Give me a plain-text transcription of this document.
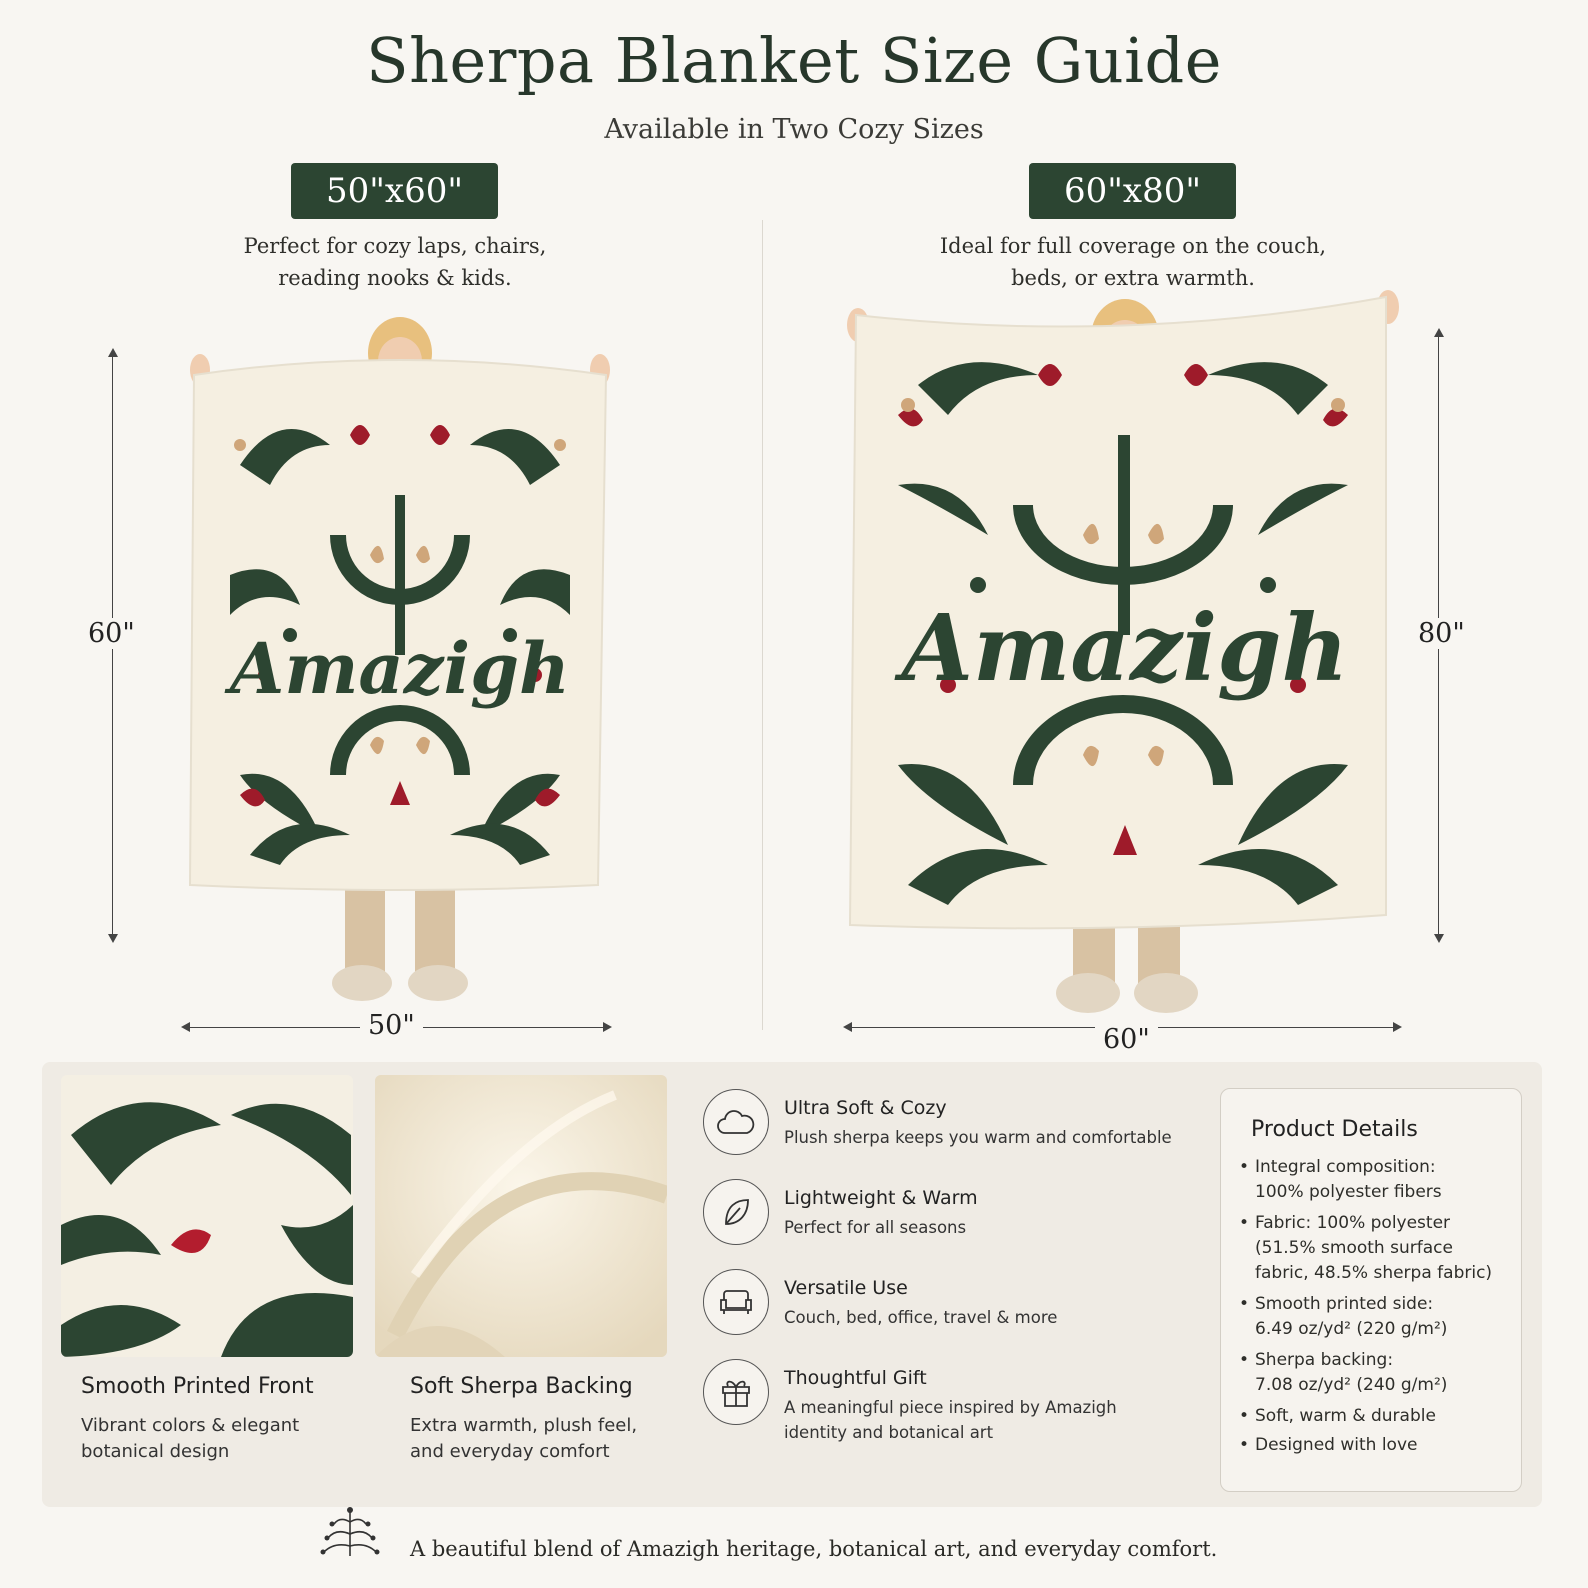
Sherpa Blanket Size Guide
Available in Two Cozy Sizes
50"x60"	60"x80"
Perfect for cozy laps, chairs,
reading nooks & kids.
Ideal for full coverage on the couch,
beds, or extra warmth.
Amazigh
60"
50"
Amazigh	80"
60"
Smooth Printed Front
Vibrant colors & elegant
botanical design
Soft Sherpa Backing
Extra warmth, plush feel,
and everyday comfort
Ultra Soft & Cozy
Plush sherpa keeps you warm and comfortable
Lightweight & Warm
Perfect for all seasons
Versatile Use
Couch, bed, office, travel & more
Thoughtful Gift
A meaningful piece inspired by Amazigh
identity and botanical art
Product Details
• Integral composition:
100% polyester fibers
• Fabric: 100% polyester
(51.5% smooth surface
fabric, 48.5% sherpa fabric)
• Smooth printed side:
6.49 oz/yd² (220 g/m²)
• Sherpa backing:
7.08 oz/yd² (240 g/m²)
• Soft, warm & durable
• Designed with love
A beautiful blend of Amazigh heritage, botanical art, and everyday comfort.
